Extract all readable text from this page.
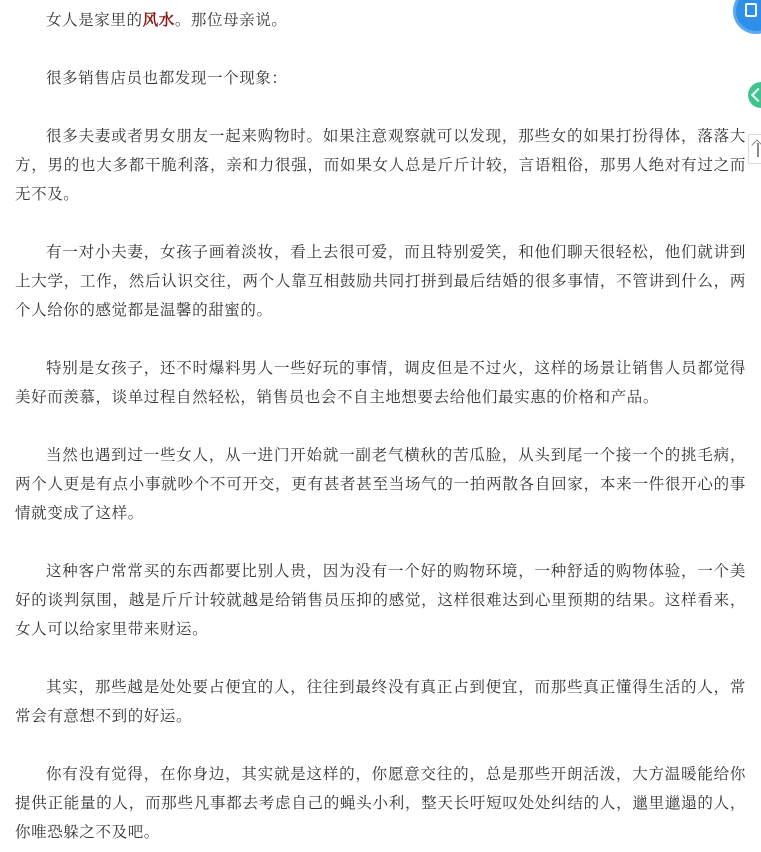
女人是家里的风水。那位母亲说。

很多销售店员也都发现一个现象：

很多夫妻或者男女朋友一起来购物时。如果注意观察就可以发现，那些女的如果打扮得体，落落大方，男的也大多都干脆利落，亲和力很强，而如果女人总是斤斤计较，言语粗俗，那男人绝对有过之而无不及。

有一对小夫妻，女孩子画着淡妆，看上去很可爱，而且特别爱笑，和他们聊天很轻松，他们就讲到上大学，工作，然后认识交往，两个人靠互相鼓励共同打拼到最后结婚的很多事情，不管讲到什么，两个人给你的感觉都是温馨的甜蜜的。

特别是女孩子，还不时爆料男人一些好玩的事情，调皮但是不过火，这样的场景让销售人员都觉得美好而羡慕，谈单过程自然轻松，销售员也会不自主地想要去给他们最实惠的价格和产品。

当然也遇到过一些女人，从一进门开始就一副老气横秋的苦瓜脸，从头到尾一个接一个的挑毛病，两个人更是有点小事就吵个不可开交，更有甚者甚至当场气的一拍两散各自回家，本来一件很开心的事情就变成了这样。

这种客户常常买的东西都要比别人贵，因为没有一个好的购物环境，一种舒适的购物体验，一个美好的谈判氛围，越是斤斤计较就越是给销售员压抑的感觉，这样很难达到心里预期的结果。这样看来，女人可以给家里带来财运。

其实，那些越是处处要占便宜的人，往往到最终没有真正占到便宜，而那些真正懂得生活的人，常常会有意想不到的好运。

你有没有觉得，在你身边，其实就是这样的，你愿意交往的，总是那些开朗活泼，大方温暖能给你提供正能量的人，而那些凡事都去考虑自己的蝇头小利，整天长吁短叹处处纠结的人，邋里邋遢的人，你唯恐躲之不及吧。
